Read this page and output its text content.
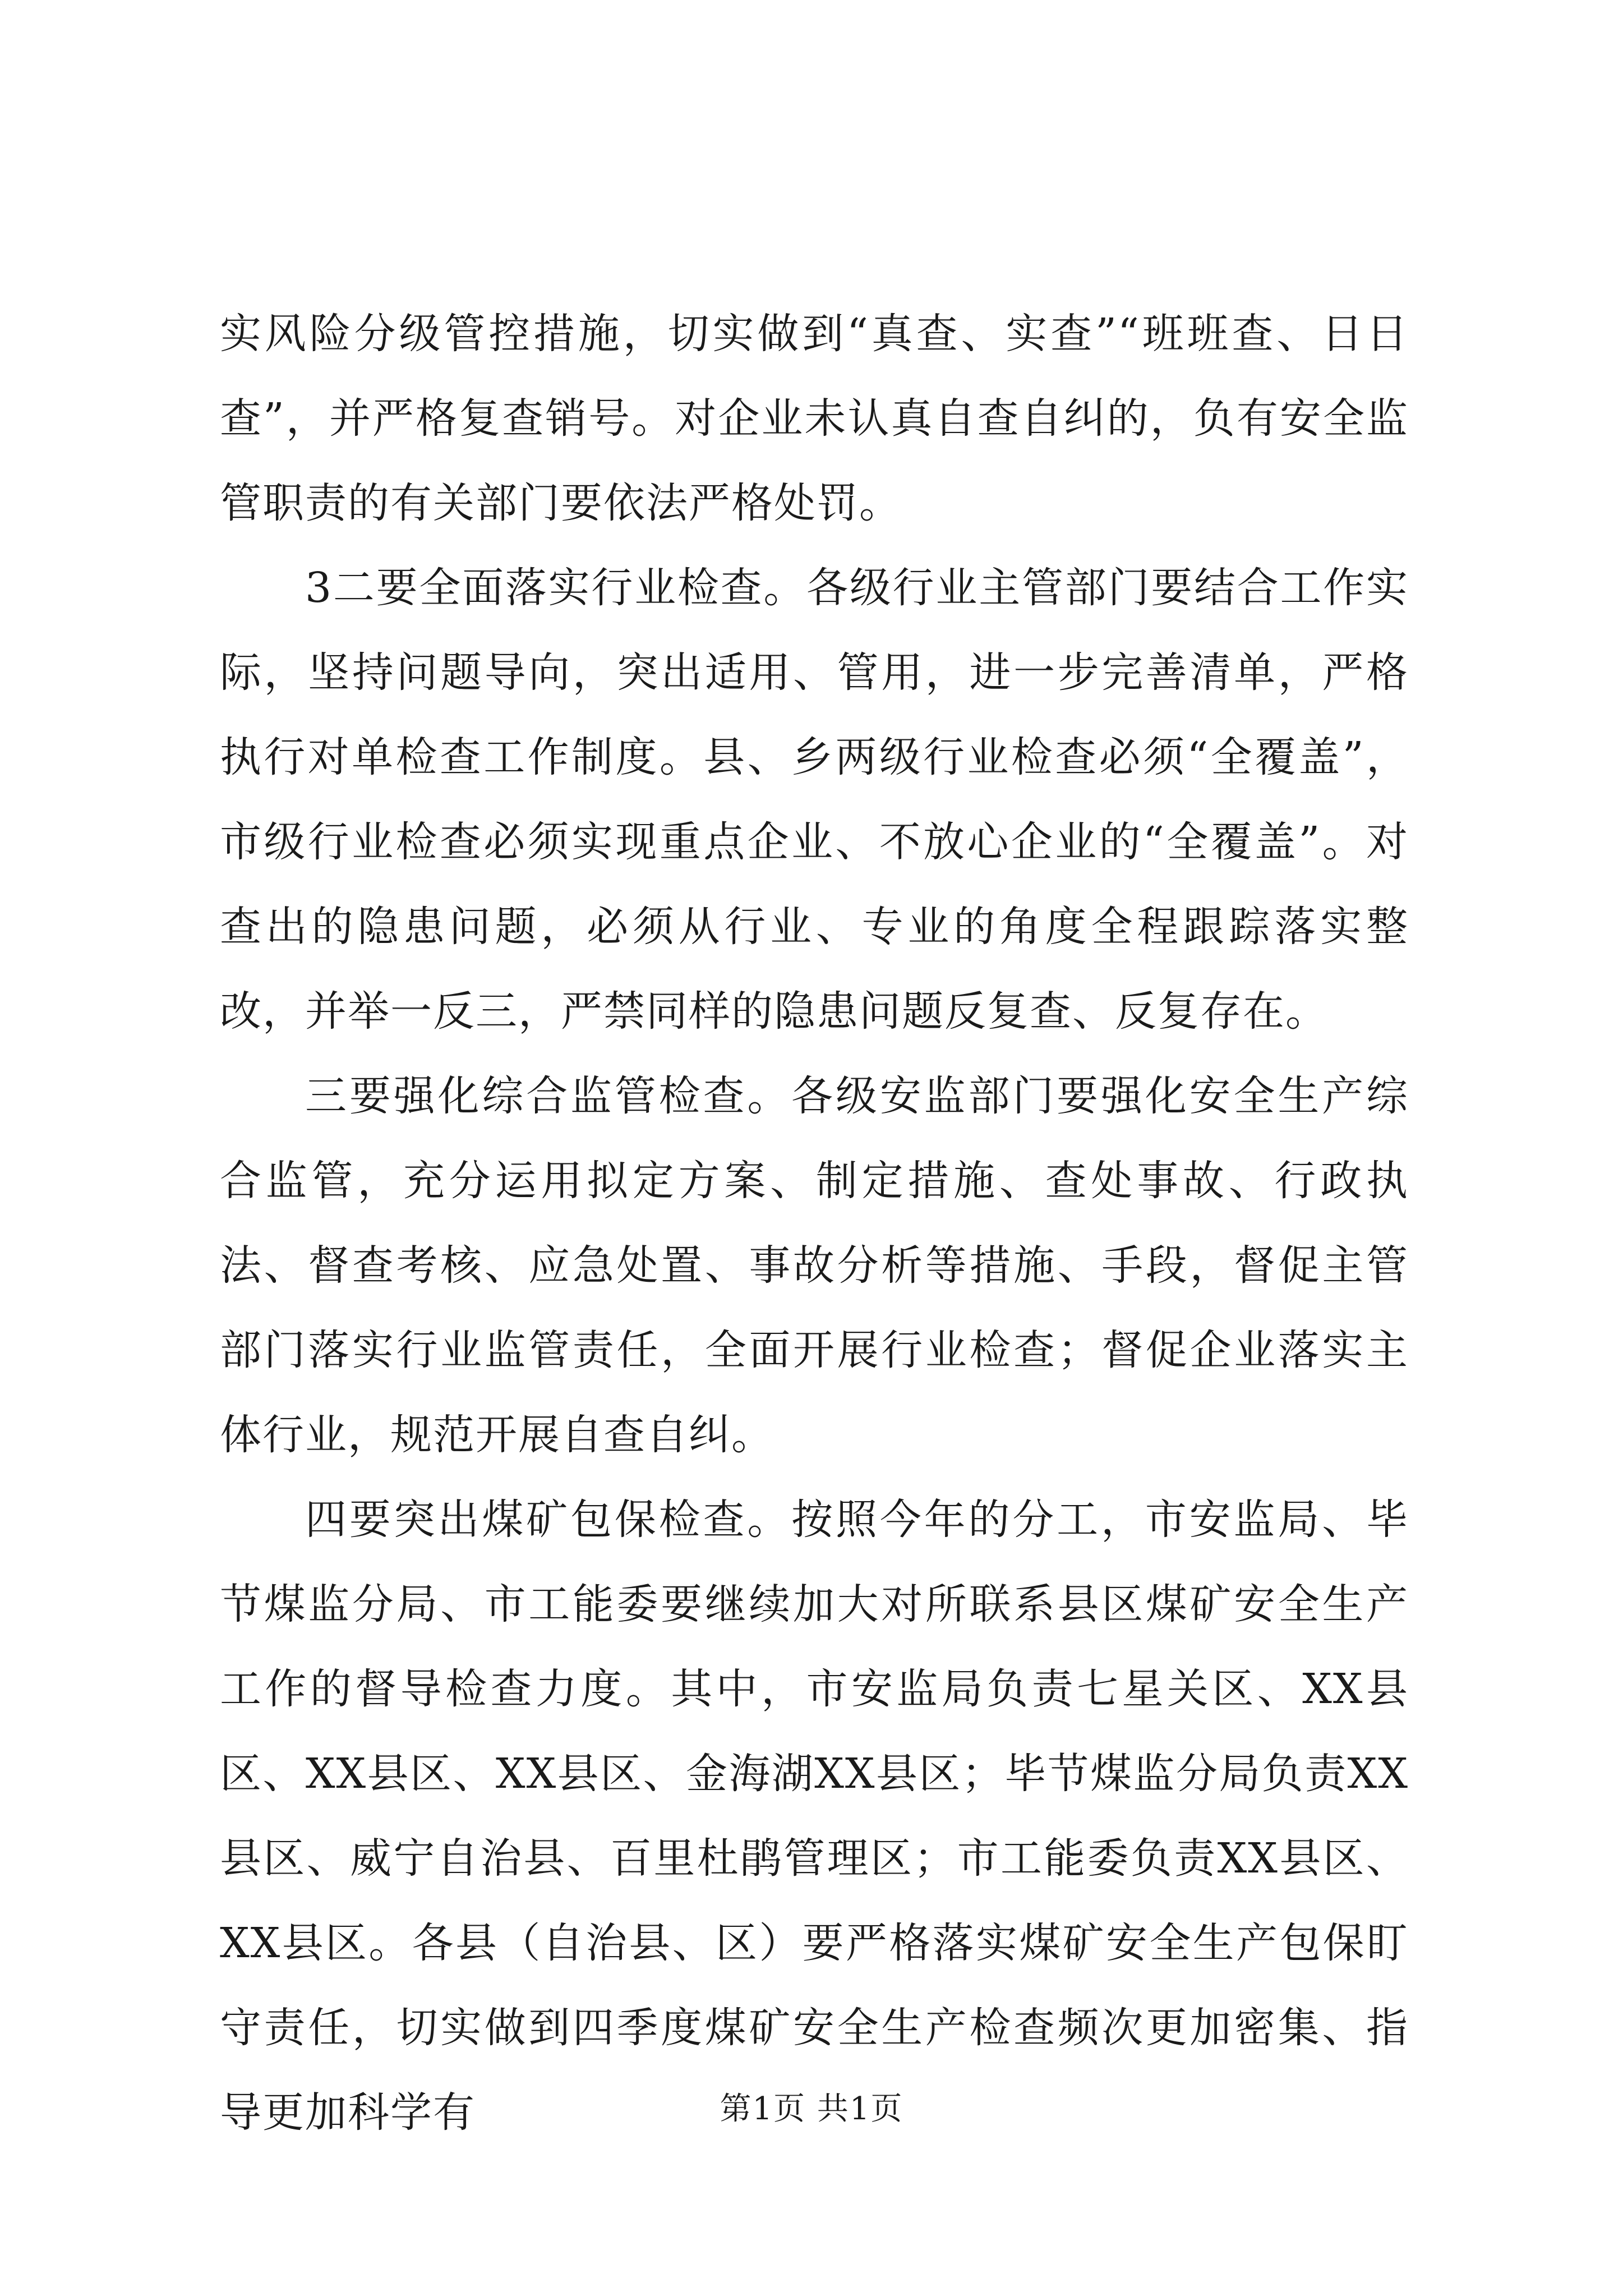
实风险分级管控措施，切实做到“真查、实查”“班班查、日日查”，并严格复查销号。对企业未认真自查自纠的，负有安全监管职责的有关部门要依法严格处罚。

3二要全面落实行业检查。各级行业主管部门要结合工作实际，坚持问题导向，突出适用、管用，进一步完善清单，严格执行对单检查工作制度。县、乡两级行业检查必须“全覆盖”，市级行业检查必须实现重点企业、不放心企业的“全覆盖”。对查出的隐患问题，必须从行业、专业的角度全程跟踪落实整改，并举一反三，严禁同样的隐患问题反复查、反复存在。

三要强化综合监管检查。各级安监部门要强化安全生产综合监管，充分运用拟定方案、制定措施、查处事故、行政执法、督查考核、应急处置、事故分析等措施、手段，督促主管部门落实行业监管责任，全面开展行业检查；督促企业落实主体行业，规范开展自查自纠。

四要突出煤矿包保检查。按照今年的分工，市安监局、毕节煤监分局、市工能委要继续加大对所联系县区煤矿安全生产工作的督导检查力度。其中，市安监局负责七星关区、XX县区、XX县区、XX县区、金海湖XX县区；毕节煤监分局负责XX县区、威宁自治县、百里杜鹃管理区；市工能委负责XX县区、XX县区。各县（自治县、区）要严格落实煤矿安全生产包保盯守责任，切实做到四季度煤矿安全生产检查频次更加密集、指导更加科学有	第1页 共1页
